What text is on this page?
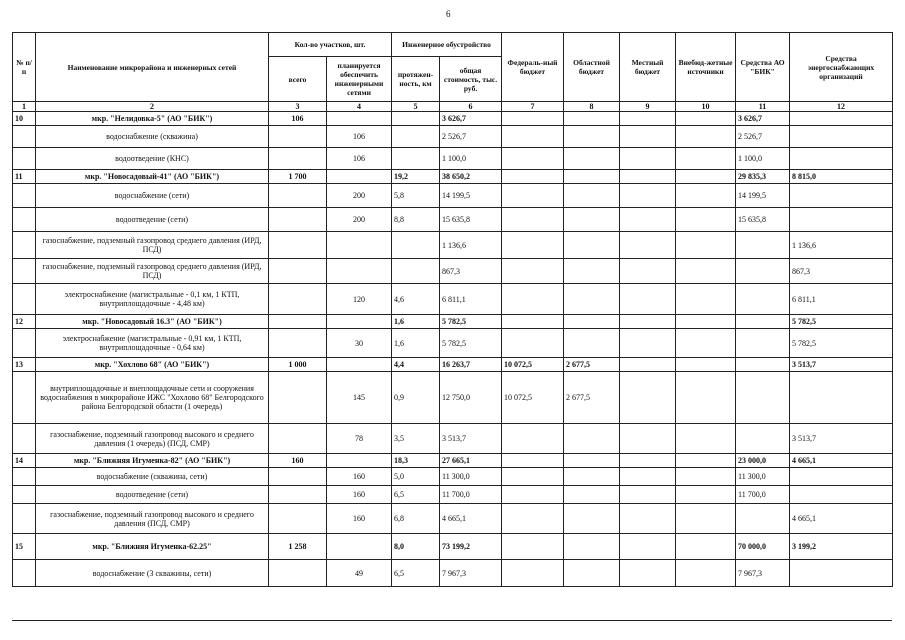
6
№ п/п	Наименование микрорайона и инженерных сетей	Кол-во участков, шт.		Инженерное обустройство		Федераль-ный бюджет	Областной бюджет	Местный бюджет	Внебюд-жетные источники	Средства АО "БИК"	Средства энергоснабжающих организаций
		всего	планируется обеспечить инженерными сетями	протяжен-ность, км	общая стоимость, тыс. руб.						
1	2	3	4	5	6	7	8	9	10	11	12
10	мкр. "Нелидовка-5" (АО "БИК")	106			3 626,7					3 626,7	
	водоснабжение (скважина)		106		2 526,7					2 526,7	
	водоотведение (КНС)		106		1 100,0					1 100,0	
11	мкр. "Новосадовый-41" (АО "БИК")	1 700		19,2	38 650,2					29 835,3	8 815,0
	водоснабжение (сети)		200	5,8	14 199,5					14 199,5	
	водоотведение (сети)		200	8,8	15 635,8					15 635,8	
	газоснабжение, подземный газопровод среднего давления (ИРД, ПСД)				1 136,6						1 136,6
	газоснабжение, подземный газопровод среднего давления (ИРД, ПСД)				867,3						867,3
	электроснабжение (магистральные - 0,1 км, 1 КТП, внутриплощадочные - 4,48 км)		120	4,6	6 811,1						6 811,1
12	мкр. "Новосадовый 16.3" (АО "БИК")			1,6	5 782,5						5 782,5
	электроснабжение (магистральные - 0,91 км, 1 КТП, внутриплощадочные - 0,64 км)		30	1,6	5 782,5						5 782,5
13	мкр. "Хохлово 68" (АО "БИК")	1 000		4,4	16 263,7	10 072,5	2 677,5				3 513,7
	внутриплощадочные и внеплощадочные сети и сооружения водоснабжения в микрорайоне ИЖС "Хохлово 68" Белгородского района Белгородской области (1 очередь)		145	0,9	12 750,0	10 072,5	2 677,5				
	газоснабжение, подземный газопровод высокого и среднего давления (1 очередь) (ПСД, СМР)		78	3,5	3 513,7						3 513,7
14	мкр. "Ближняя Игуменка-82" (АО "БИК")	160		18,3	27 665,1					23 000,0	4 665,1
	водоснабжение (скважина, сети)		160	5,0	11 300,0					11 300,0	
	водоотведение (сети)		160	6,5	11 700,0					11 700,0	
	газоснабжение, подземный газопровод высокого и среднего давления (ПСД, СМР)		160	6,8	4 665,1						4 665,1
15	мкр. "Ближняя Игуменка-62.25"	1 258		8,0	73 199,2					70 000,0	3 199,2
	водоснабжение (3 скважины, сети)		49	6,5	7 967,3					7 967,3	
